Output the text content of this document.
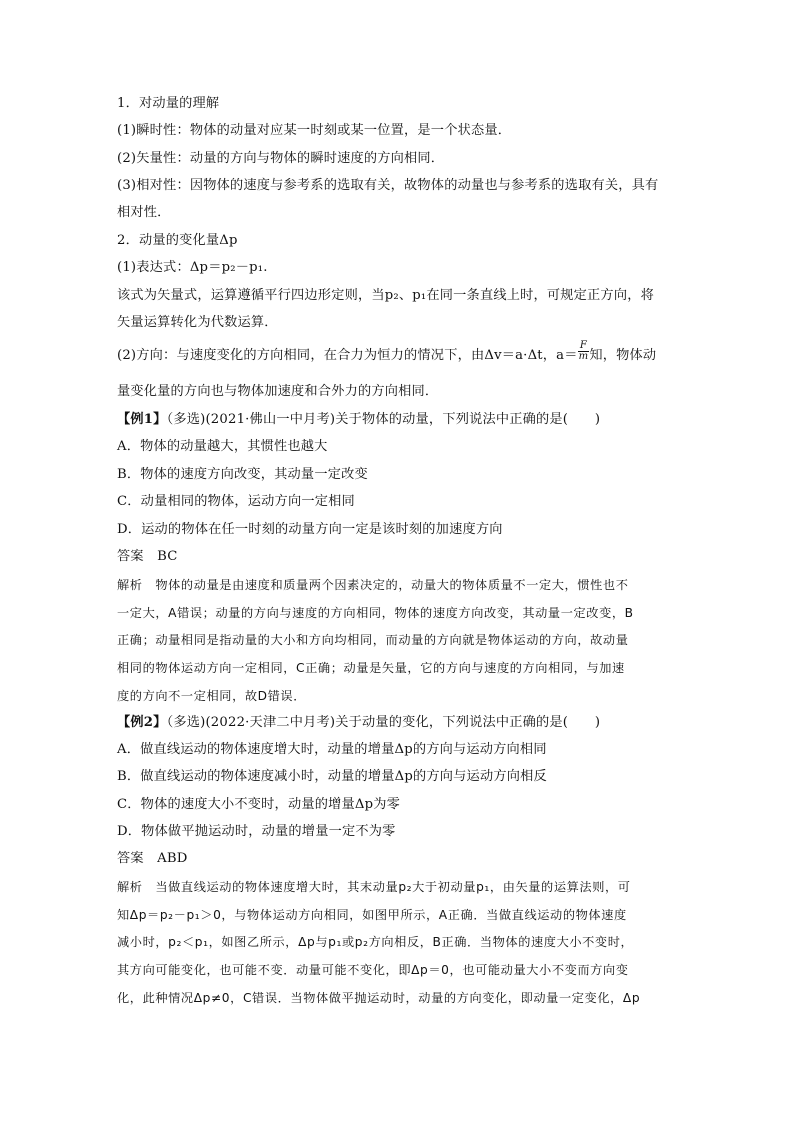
1．对动量的理解
(1)瞬时性：物体的动量对应某一时刻或某一位置，是一个状态量．
(2)矢量性：动量的方向与物体的瞬时速度的方向相同．
(3)相对性：因物体的速度与参考系的选取有关，故物体的动量也与参考系的选取有关，具有
相对性．
2．动量的变化量Δp
(1)表达式：Δp＝p₂－p₁.
该式为矢量式，运算遵循平行四边形定则，当p₂、p₁在同一条直线上时，可规定正方向，将
矢量运算转化为代数运算．
(2)方向：与速度变化的方向相同，在合力为恒力的情况下，由Δv＝a·Δt，$a= \frac{F}{m}$ 知，物体动
量变化量的方向也与物体加速度和合外力的方向相同．
【例1】（多选)(2021·佛山一中月考)关于物体的动量，下列说法中正确的是(　　)
A．物体的动量越大，其惯性也越大
B．物体的速度方向改变，其动量一定改变
C．动量相同的物体，运动方向一定相同
D．运动的物体在任一时刻的动量方向一定是该时刻的加速度方向
答案　BC
解析　物体的动量是由速度和质量两个因素决定的，动量大的物体质量不一定大，惯性也不
一定大，A错误；动量的方向与速度的方向相同，物体的速度方向改变，其动量一定改变，B
正确；动量相同是指动量的大小和方向均相同，而动量的方向就是物体运动的方向，故动量
相同的物体运动方向一定相同，C正确；动量是矢量，它的方向与速度的方向相同，与加速
度的方向不一定相同，故D错误．
【例2】（多选)(2022·天津二中月考)关于动量的变化，下列说法中正确的是(　　)
A．做直线运动的物体速度增大时，动量的增量Δp的方向与运动方向相同
B．做直线运动的物体速度减小时，动量的增量Δp的方向与运动方向相反
C．物体的速度大小不变时，动量的增量Δp为零
D．物体做平抛运动时，动量的增量一定不为零
答案　ABD
解析　当做直线运动的物体速度增大时，其末动量p₂大于初动量p₁，由矢量的运算法则，可
知Δp＝p₂－p₁＞0，与物体运动方向相同，如图甲所示，A正确．当做直线运动的物体速度
减小时，p₂＜p₁，如图乙所示，Δp与p₁或p₂方向相反，B正确．当物体的速度大小不变时，
其方向可能变化，也可能不变．动量可能不变化，即Δp＝0，也可能动量大小不变而方向变
化，此种情况Δp≠0，C错误．当物体做平抛运动时，动量的方向变化，即动量一定变化，Δp
